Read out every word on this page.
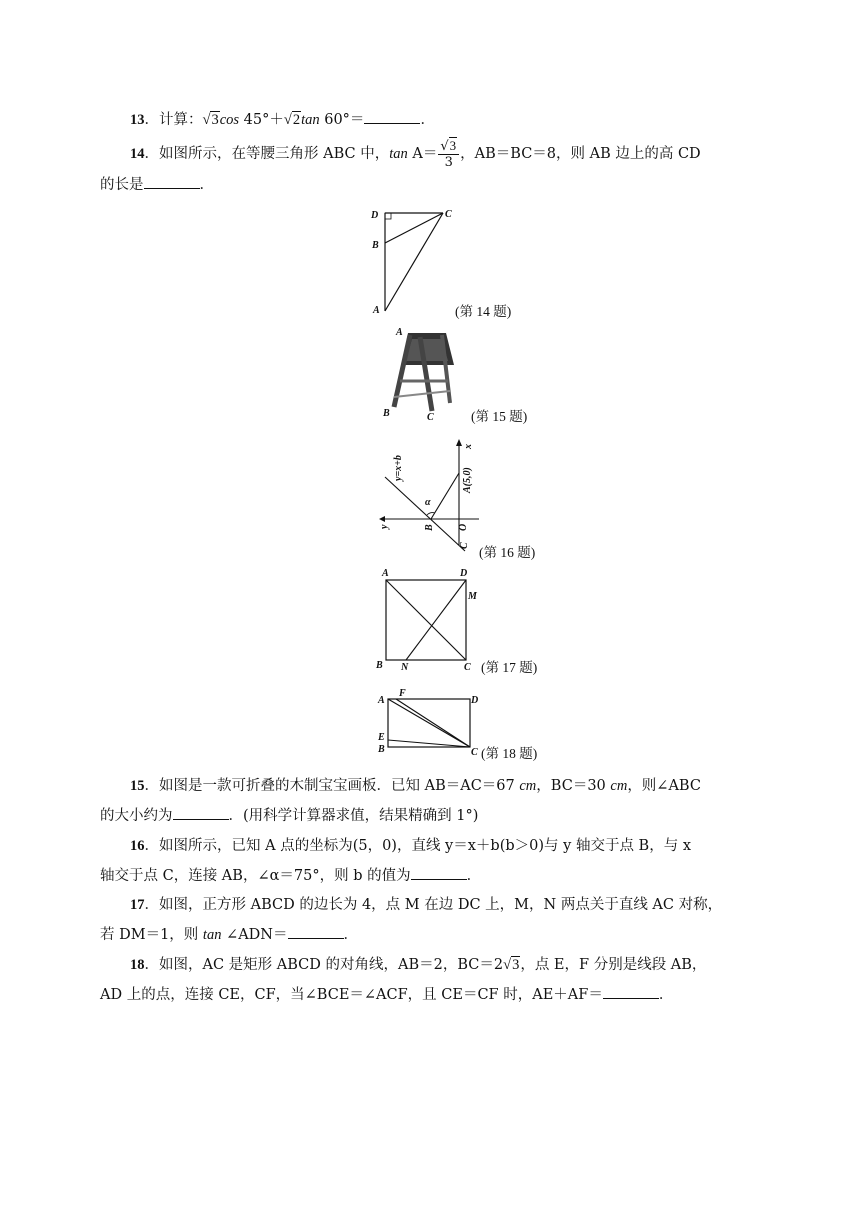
13．计算：√3cos 45°＋√2tan 60°＝	．
14．如图所示，在等腰三角形 ABC 中，$\tan A= \frac{√3}{3}$ ，AB＝BC＝8，则 AB 边上的高 CD
的长是	．
D	C
B
A	(第 14 题)
A
B	C	(第 15 题)
y=x+b	A(5,0)
x
y	B O
C
α
(第 16 题)
A	D
M
B N	C (第 17 题)
A
F
D
E
B	C (第 18 题)
15．如图是一款可折叠的木制宝宝画板．已知 AB＝AC＝67 cm，BC＝30 cm，则∠ABC
的大小约为	．(用科学计算器求值，结果精确到 1°)
16．如图所示，已知 A 点的坐标为(5，0)，直线 y＝x＋b(b＞0)与 y 轴交于点 B，与 x
轴交于点 C，连接 AB，∠α＝75°，则 b 的值为	．
17．如图，正方形 ABCD 的边长为 4，点 M 在边 DC 上，M，N 两点关于直线 AC 对称，
若 DM＝1，则 tan ∠ADN＝	．
18．如图，AC 是矩形 ABCD 的对角线，AB＝2，BC＝2√3，点 E，F 分别是线段 AB，
AD 上的点，连接 CE，CF，当∠BCE＝∠ACF，且 CE＝CF 时，AE＋AF＝	．
